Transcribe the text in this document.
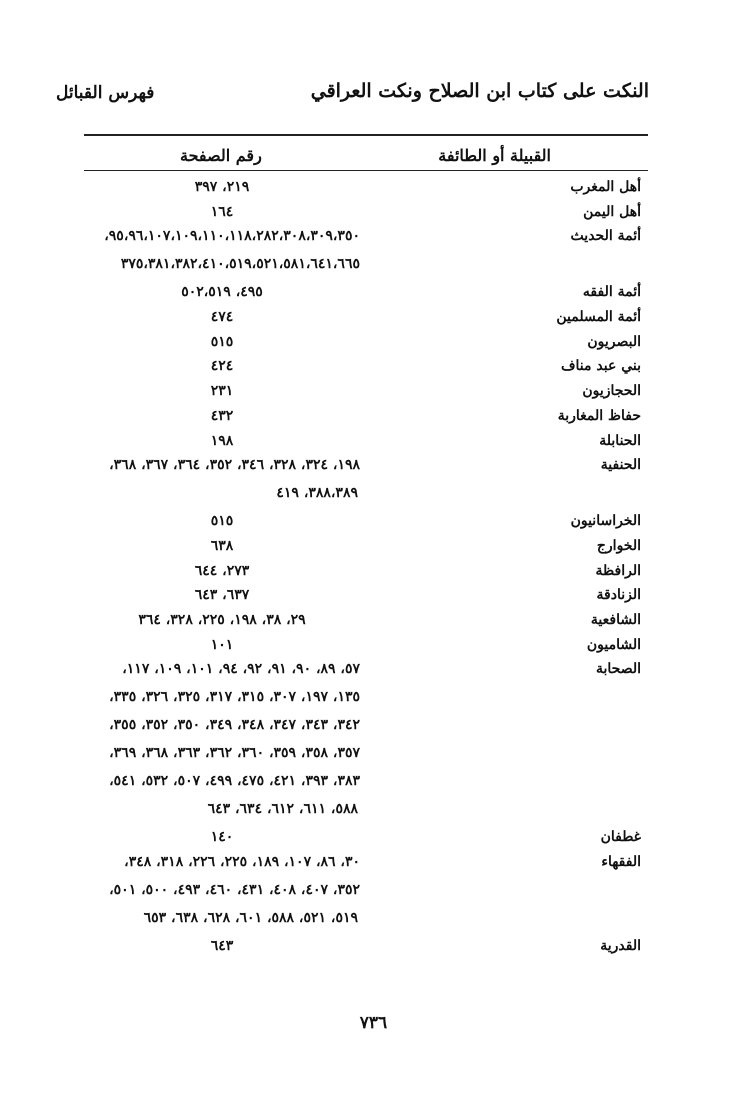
النكت على كتاب ابن الصلاح ونكت العراقي
فهرس القبائل
القبيلة أو الطائفة
رقم الصفحة
أهل المغرب
٢١٩، ٣٩٧
أهل اليمن
١٦٤
أئمة الحديث
٩٥،٩٦،١٠٧،١٠٩،١١٠،١١٨،٢٨٢،٣٠٨،٣٠٩،٣٥٠،
٣٧٥،٣٨١،٣٨٢،٤١٠،٥١٩،٥٢١،٥٨١،٦٤١،٦٦٥
أئمة الفقه
٤٩٥، ٥٠٢،٥١٩
أئمة المسلمين
٤٧٤
البصريون
٥١٥
بني عبد مناف
٤٢٤
الحجازيون
٢٣١
حفاظ المغاربة
٤٣٢
الحنابلة
١٩٨
الحنفية
١٩٨، ٣٢٤، ٣٢٨، ٣٤٦، ٣٥٢، ٣٦٤، ٣٦٧، ٣٦٨،
٣٨٨،٣٨٩، ٤١٩
الخراسانيون
٥١٥
الخوارج
٦٣٨
الرافظة
٢٧٣، ٦٤٤
الزنادقة
٦٣٧، ٦٤٣
الشافعية
٢٩، ٣٨، ١٩٨، ٢٢٥، ٣٢٨، ٣٦٤
الشاميون
١٠١
الصحابة
٥٧، ٨٩، ٩٠، ٩١، ٩٢، ٩٤، ١٠١، ١٠٩، ١١٧،
١٣٥، ١٩٧، ٣٠٧، ٣١٥، ٣١٧، ٣٢٥، ٣٢٦، ٣٣٥،
٣٤٢، ٣٤٣، ٣٤٧، ٣٤٨، ٣٤٩، ٣٥٠، ٣٥٢، ٣٥٥،
٣٥٧، ٣٥٨، ٣٥٩، ٣٦٠، ٣٦٢، ٣٦٣، ٣٦٨، ٣٦٩،
٣٨٣، ٣٩٣، ٤٢١، ٤٧٥، ٤٩٩، ٥٠٧، ٥٣٢، ٥٤١،
٥٨٨، ٦١١، ٦١٢، ٦٣٤، ٦٤٣
غطفان
١٤٠
الفقهاء
٣٠، ٨٦، ١٠٧، ١٨٩، ٢٢٥، ٢٢٦، ٣١٨، ٣٤٨،
٣٥٢، ٤٠٧، ٤٠٨، ٤٣١، ٤٦٠، ٤٩٣، ٥٠٠، ٥٠١،
٥١٩، ٥٢١، ٥٨٨، ٦٠١، ٦٢٨، ٦٣٨، ٦٥٣
القدرية
٦٤٣
٧٣٦
